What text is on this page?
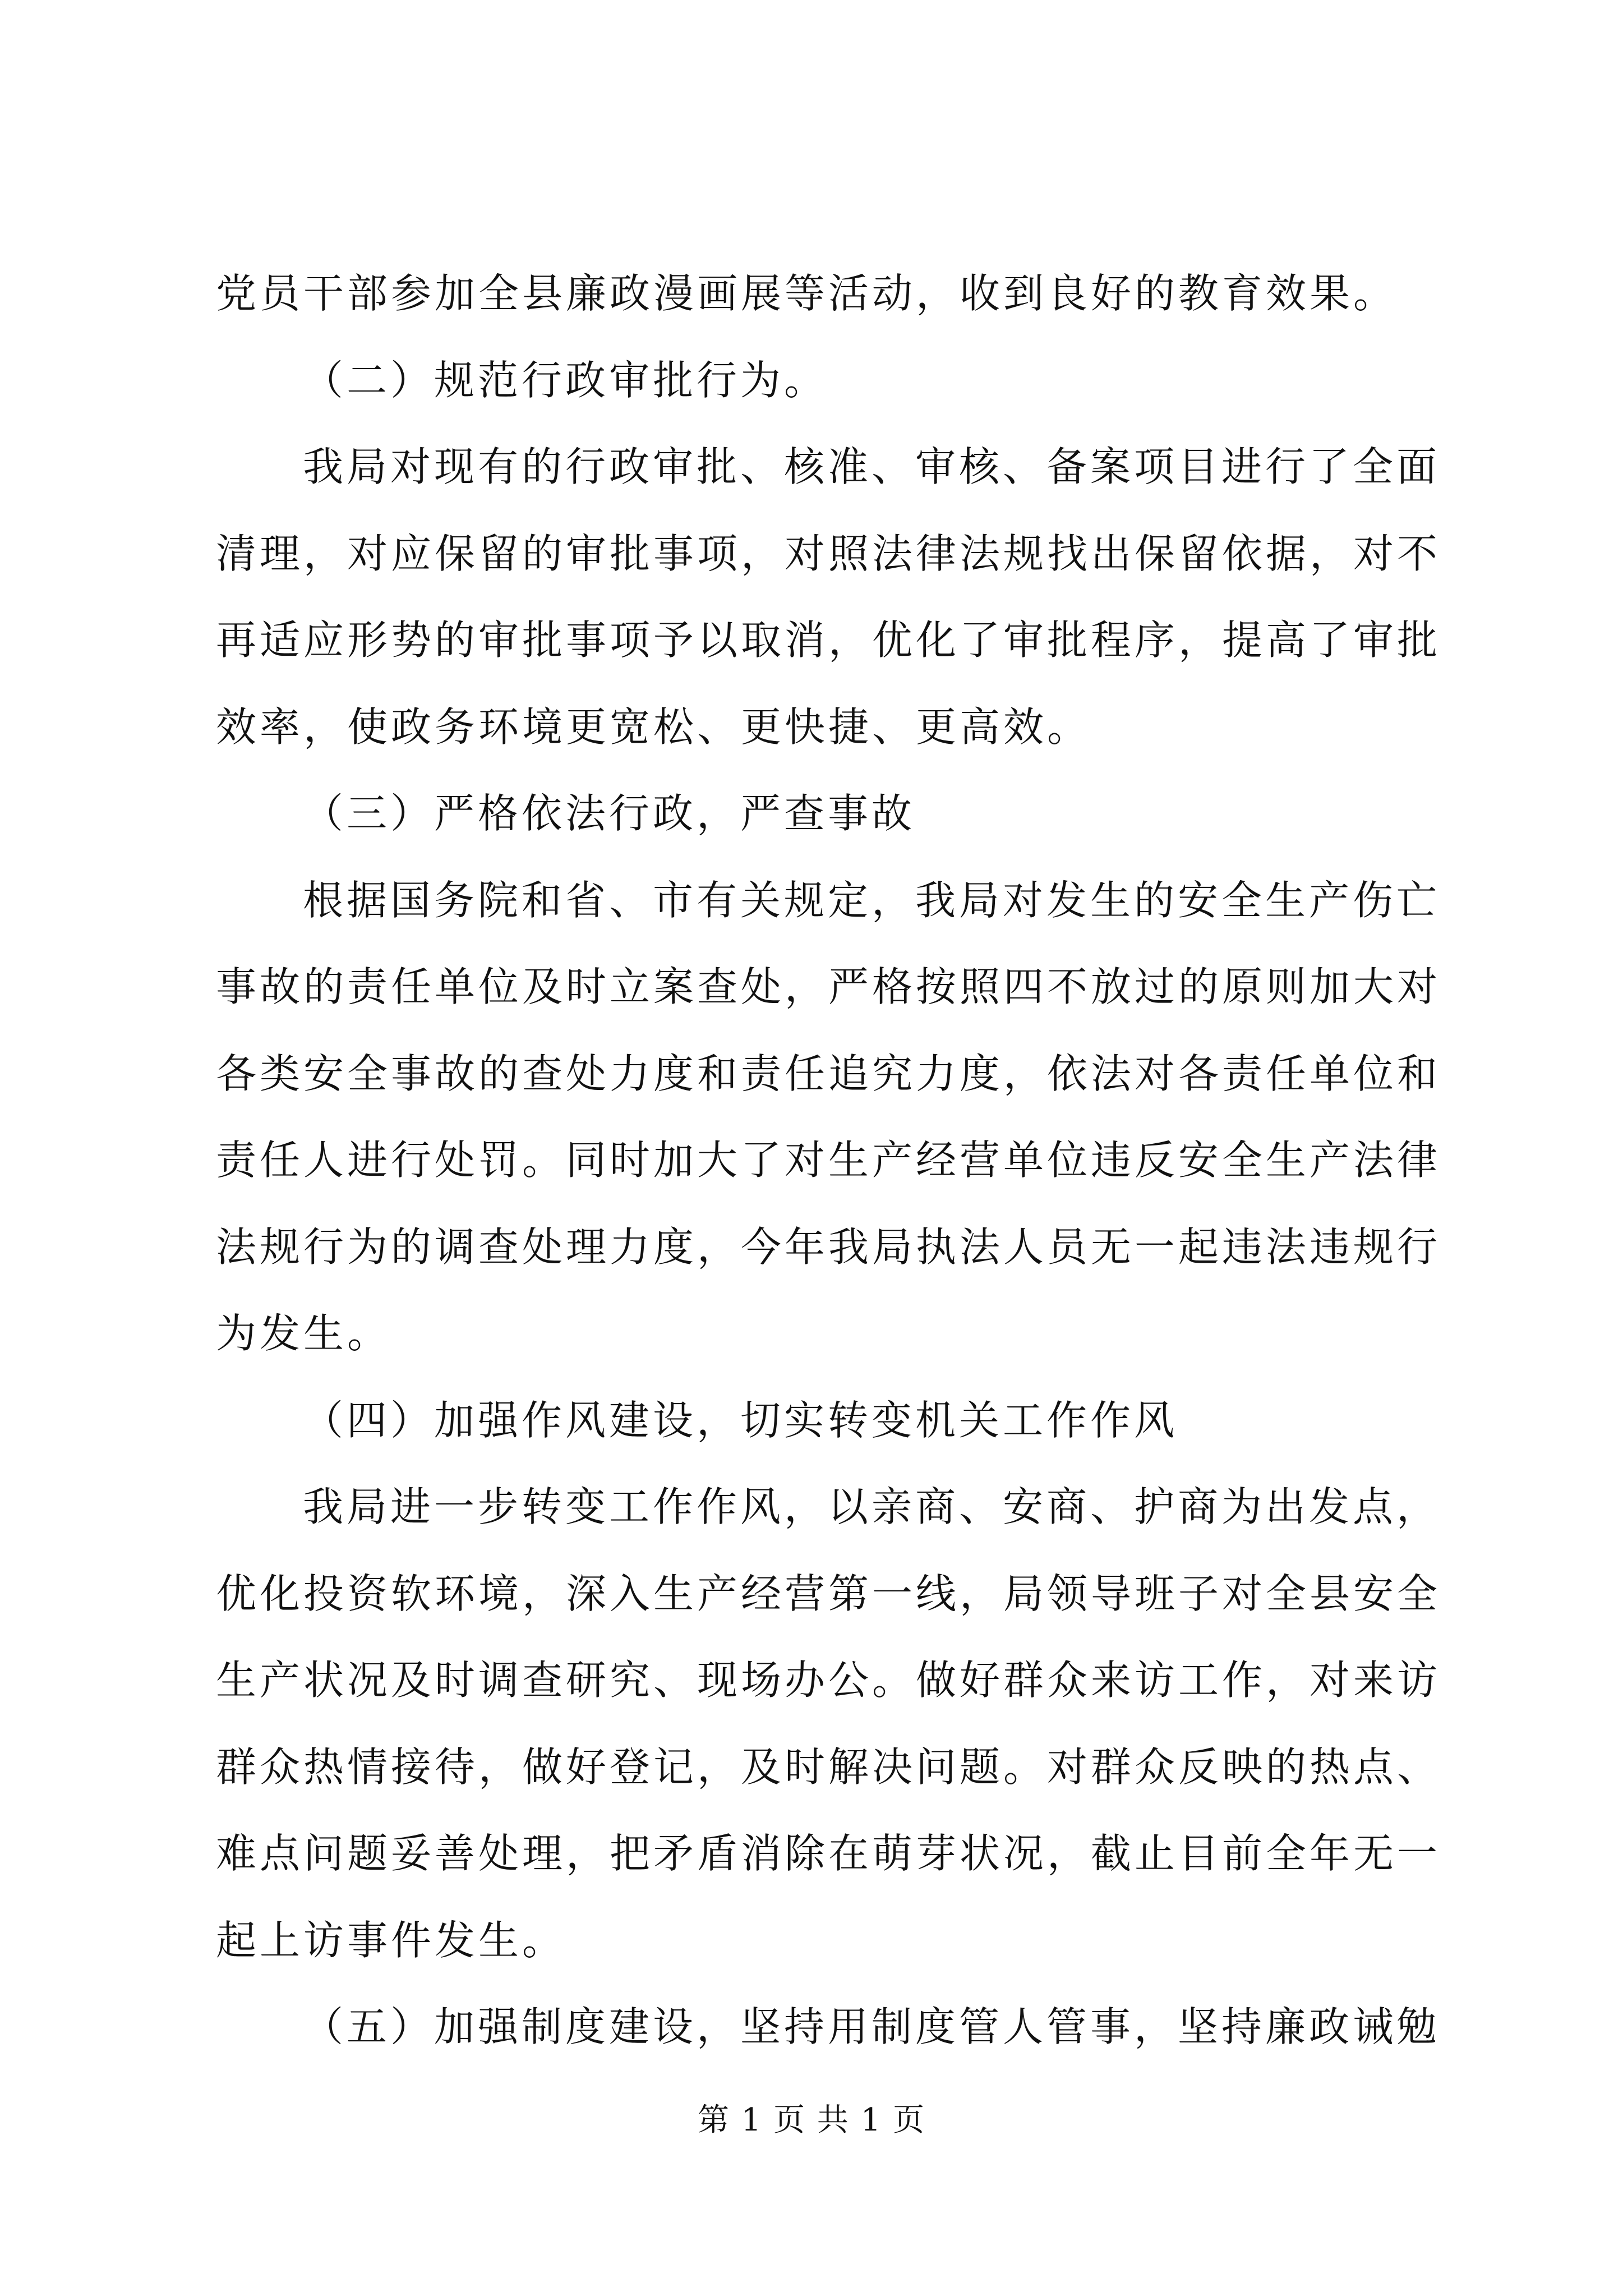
党员干部参加全县廉政漫画展等活动，收到良好的教育效果。
（二）规范行政审批行为。
我局对现有的行政审批、核准、审核、备案项目进行了全面
清理，对应保留的审批事项，对照法律法规找出保留依据，对不
再适应形势的审批事项予以取消，优化了审批程序，提高了审批
效率，使政务环境更宽松、更快捷、更高效。
（三）严格依法行政，严查事故
根据国务院和省、市有关规定，我局对发生的安全生产伤亡
事故的责任单位及时立案查处，严格按照四不放过的原则加大对
各类安全事故的查处力度和责任追究力度，依法对各责任单位和
责任人进行处罚。同时加大了对生产经营单位违反安全生产法律
法规行为的调查处理力度，今年我局执法人员无一起违法违规行
为发生。
（四）加强作风建设，切实转变机关工作作风
我局进一步转变工作作风，以亲商、安商、护商为出发点，
优化投资软环境，深入生产经营第一线，局领导班子对全县安全
生产状况及时调查研究、现场办公。做好群众来访工作，对来访
群众热情接待，做好登记，及时解决问题。对群众反映的热点、
难点问题妥善处理，把矛盾消除在萌芽状况，截止目前全年无一
起上访事件发生。
（五）加强制度建设，坚持用制度管人管事，坚持廉政诫勉
第 1 页 共 1 页
